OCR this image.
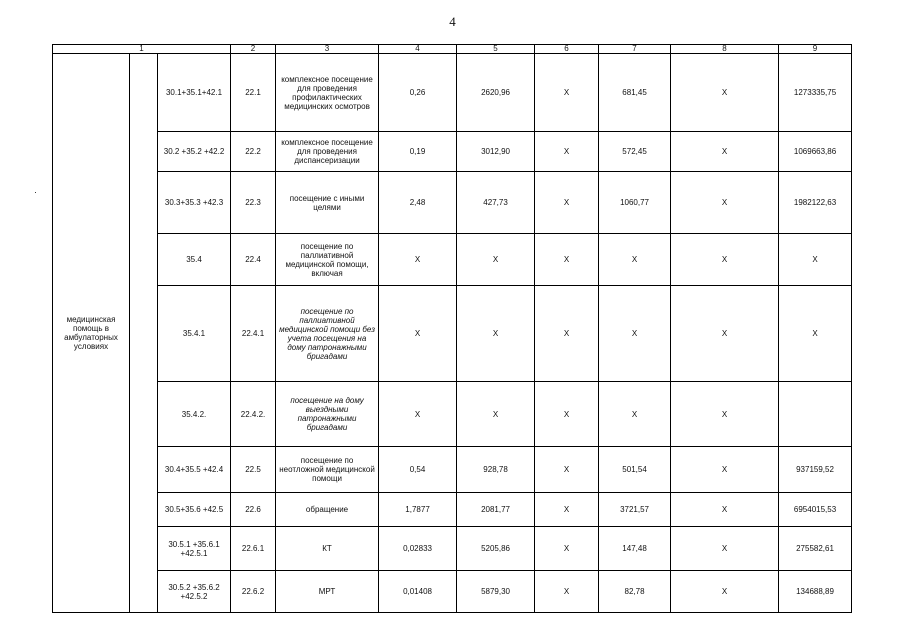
4
·
1			2	3	4	5	6	7	8	9	
медицинская помощь в амбулаторных условиях		30.1+35.1+42.1	22.1	комплексное посещение для проведения профилактических медицинских осмотров	0,26	2620,96	Х	681,45	Х	1273335,75	
		30.2 +35.2 +42.2	22.2	комплексное посещение для проведения диспансеризации	0,19	3012,90	Х	572,45	Х	1069663,86	
		30.3+35.3 +42.3	22.3	посещение с иными целями	2,48	427,73	Х	1060,77	Х	1982122,63	
		35.4	22.4	посещение по паллиативной медицинской помощи, включая	Х	Х	Х	Х	Х	Х	
		35.4.1	22.4.1	посещение по паллиативной медицинской помощи без учета посещения на дому патронажными бригадами	Х	Х	Х	Х	Х	Х	
		35.4.2.	22.4.2.	посещение на дому выездными патронажными бригадами	Х	Х	Х	Х	Х		
		30.4+35.5 +42.4	22.5	посещение по неотложной медицинской помощи	0,54	928,78	Х	501,54	Х	937159,52	
		30.5+35.6 +42.5	22.6	обращение	1,7877	2081,77	Х	3721,57	Х	6954015,53	
		30.5.1 +35.6.1 +42.5.1	22.6.1	КТ	0,02833	5205,86	Х	147,48	Х	275582,61	
		30.5.2 +35.6.2 +42.5.2	22.6.2	МРТ	0,01408	5879,30	Х	82,78	Х	134688,89	
